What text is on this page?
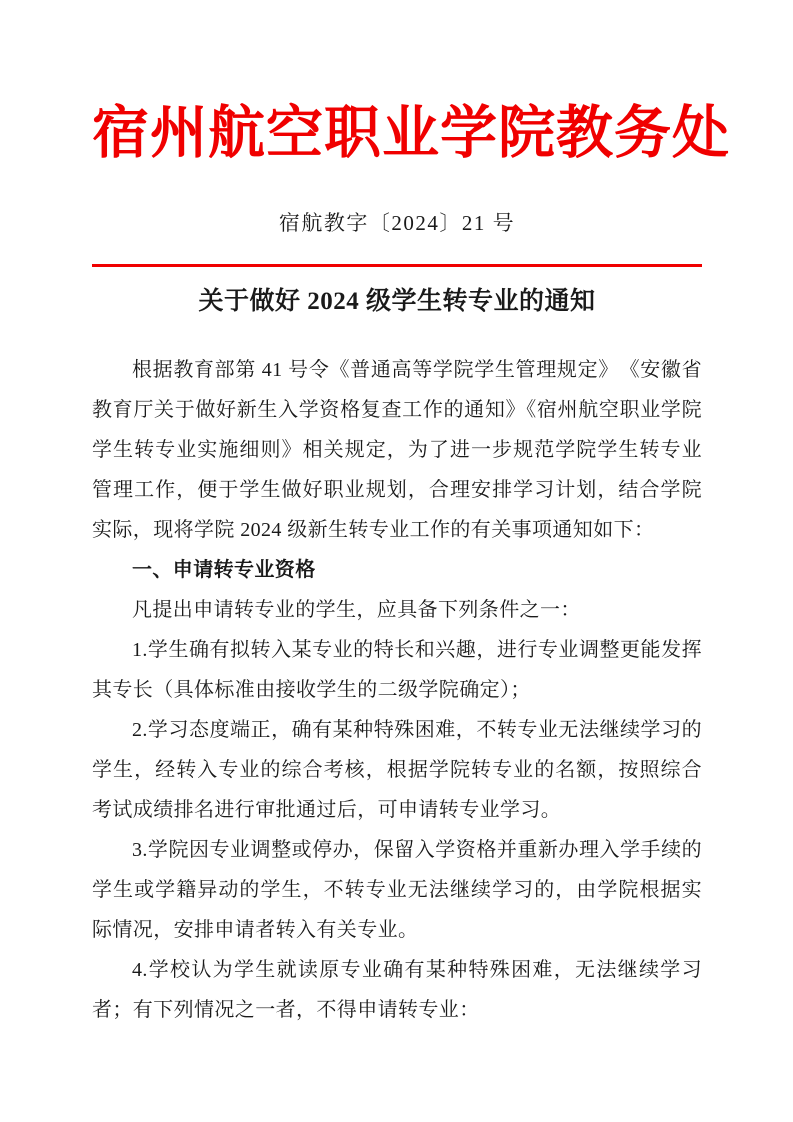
宿州航空职业学院教务处
宿航教字〔2024〕21 号
关于做好 2024 级学生转专业的通知

根据教育部第 41 号令《普通高等学院学生管理规定》　《安徽省教育厅关于做好新生入学资格复查工作的通知》《宿州航空职业学院学生转专业实施细则》相关规定，为了进一步规范学院学生转专业管理工作，便于学生做好职业规划，合理安排学习计划，结合学院实际，现将学院 2024 级新生转专业工作的有关事项通知如下：

一、申请转专业资格

凡提出申请转专业的学生，应具备下列条件之一：

1.学生确有拟转入某专业的特长和兴趣，进行专业调整更能发挥其专长（具体标准由接收学生的二级学院确定）；

2.学习态度端正，确有某种特殊困难，不转专业无法继续学习的学生，经转入专业的综合考核，根据学院转专业的名额，按照综合考试成绩排名进行审批通过后，可申请转专业学习。

3.学院因专业调整或停办，保留入学资格并重新办理入学手续的学生或学籍异动的学生，不转专业无法继续学习的，由学院根据实际情况，安排申请者转入有关专业。

4.学校认为学生就读原专业确有某种特殊困难，无法继续学习者；有下列情况之一者，不得申请转专业：
